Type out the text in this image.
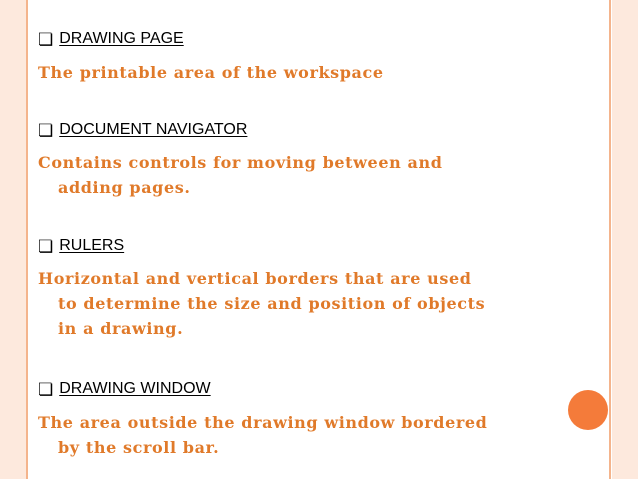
❏ DRAWING PAGE
The printable area of the workspace
❏ DOCUMENT NAVIGATOR
Contains controls for moving between and
adding pages.
❏ RULERS
Horizontal and vertical borders that are used
to determine the size and position of objects
in a drawing.
❏ DRAWING WINDOW
The area outside the drawing window bordered
by the scroll bar.
